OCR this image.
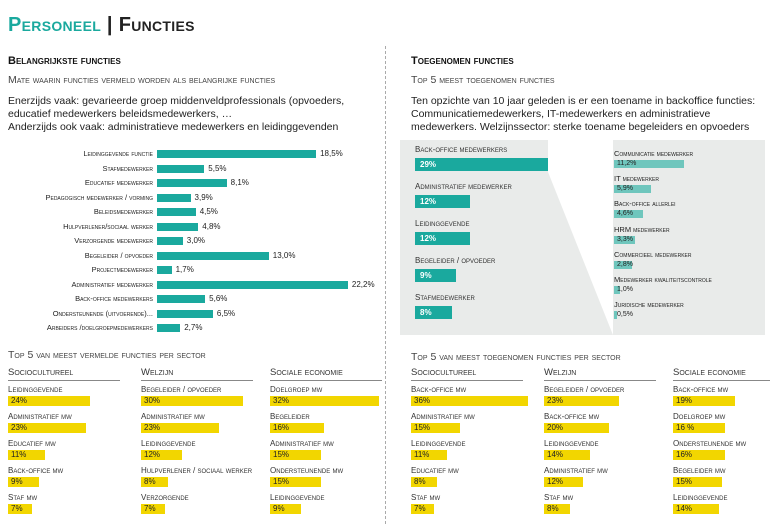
Personeel | Functies
Belangrijkste functies
Mate waarin functies vermeld worden als belangrijke functies
Enerzijds vaak: gevarieerde groep middenveldprofessionals (opvoeders,
educatief medewerkers beleidsmedewerkers, …
Anderzijds ook vaak: administratieve medewerkers en leidinggevenden
Leidinggevende functie	18,5%
Stafmedewerker	5,5%
Educatief medewerker	8,1%
Pedagogisch medewerker / vorming	3,9%
Beleidsmedewerker	4,5%
Hulpverlener/sociaal werker	4,8%
Verzorgende medewerker	3,0%
Begeleider / opvoeder	13,0%
Projectmedewerker	1,7%
Administratief medewerker	22,2%
Back-office medewerkers	5,6%
Ondersteunende (uitvoerende)...	6,5%
Arbeiders /doelgroepmedewerkers	2,7%
Top 5 van meest vermelde functies per sector
Sociocultureel
Leidinggevende
24%
Administratief mw
23%
Educatief mw
11%
Back-office mw
9%
Staf mw
7%
Welzijn
Begeleider / opvoeder
30%
Administratief mw
23%
Leidinggevende
12%
Hulpverlener / sociaal werker
8%
Verzorgende
7%
Sociale economie
Doelgroep mw
32%
Begeleider
16%
Administratief mw
15%
Ondersteunende mw
15%
Leidinggevende
9%
Toegenomen functies
Top 5 meest toegenomen functies
Ten opzichte van 10 jaar geleden is er een toename in backoffice functies:
Communicatiemedewerkers, IT-medewerkers en administratieve
medewerkers. Welzijnssector: sterke toename begeleiders en opvoeders
Back-office medewerkers
29%
Administratief medewerker
12%
Leidinggevende
12%
Begeleider / opvoeder
9%
Stafmedewerker
8%
Communicatie medewerker
11,2%
IT medewerker
5,9%
Back-office allerlei
4,6%
HRM medewerker
3,3%
Commercieel medewerker
2,8%
Medewerker kwaliteitscontrole
1,0%
Juridische medewerker
0,5%
Top 5 van meest toegenomen functies per sector
Sociocultureel
Back-office mw
36%
Administratief mw
15%
Leidinggevende
11%
Educatief mw
8%
Staf mw
7%
Welzijn
Begeleider / opvoeder
23%
Back-office mw
20%
Leidinggevende
14%
Administratief mw
12%
Staf mw
8%
Sociale economie
Back-office mw
19%
Doelgroep mw
16 %
Ondersteunende mw
16%
Begeleider mw
15%
Leidinggevende
14%
